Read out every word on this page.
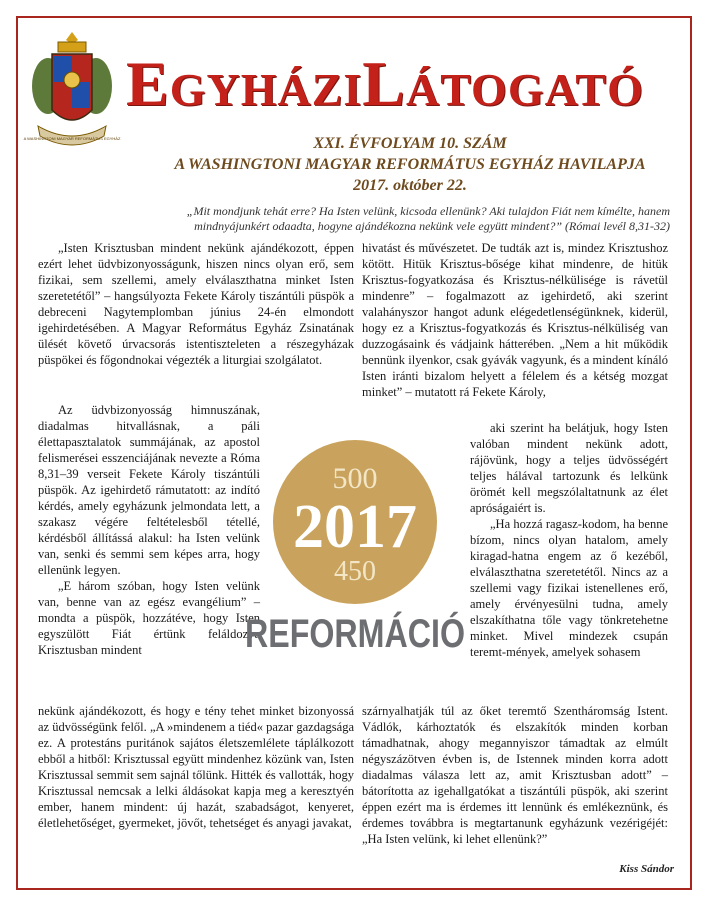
A WASHINGTONI MAGYAR REFORMÁTUS EGYHÁZ
EGYHÁZILÁTOGATÓ
XXI. ÉVFOLYAM 10. SZÁM
A WASHINGTONI MAGYAR REFORMÁTUS EGYHÁZ HAVILAPJA
2017. október 22.
„Mit mondjunk tehát erre? Ha Isten velünk, kicsoda ellenünk? Aki tulajdon Fiát nem kímélte, hanem
mindnyájunkért odaadta, hogyne ajándékozna nekünk vele együtt mindent?” (Római levél 8,31-32)

„Isten Krisztusban mindent nekünk ajándékozott, éppen ezért lehet üdvbizonyosságunk, hiszen nincs olyan erő, sem fizikai, sem szellemi, amely elválaszthatna minket Isten szeretetétől” – hangsúlyozta Fekete Károly tiszántúli püspök a debreceni Nagytemplomban június 24-én elmondott igehirdetésében. A Magyar Református Egyház Zsinatának ülését követő úrvacsorás istentiszteleten a részegyházak püspökei és főgondnokai végezték a liturgiai szolgálatot.

Az üdvbizonyosság himnuszának, diadalmas hitvallásnak, a páli élettapasztalatok summájának, az apostol felismerései esszenciájának nevezte a Róma 8,31–39 verseit Fekete Károly tiszántúli püspök. Az igehirdető rámutatott: az indító kérdés, amely egyházunk jelmondata lett, a szakasz végére feltételesből tétellé, kérdésből állítássá alakul: ha Isten velünk van, senki és semmi sem képes arra, hogy ellenünk legyen.

„E három szóban, hogy Isten velünk van, benne van az egész evangélium” – mondta a püspök, hozzátéve, hogy Isten egyszülött Fiát értünk feláldozva Krisztusban mindent

nekünk ajándékozott, és hogy e tény tehet minket bizonyossá az üdvösségünk felől. „A »mindenem a tiéd« pazar gazdagsága ez. A protestáns puritánok sajátos életszemlélete táplálkozott ebből a hitből: Krisztussal együtt mindenhez közünk van, Isten Krisztussal semmit sem sajnál tőlünk. Hitték és vallották, hogy Krisztussal nemcsak a lelki áldásokat kapja meg a keresztyén ember, hanem mindent: új hazát, szabadságot, kenyeret, életlehetőséget, gyermeket, jövőt, tehetséget és anyagi javakat,

hivatást és művészetet. De tudták azt is, mindez Krisztushoz kötött. Hitük Krisztus-bősége kihat mindenre, de hitük Krisztus-fogyatkozása és Krisztus-nélkülisége is rávetül mindenre” – fogalmazott az igehirdető, aki szerint valahányszor hangot adunk elégedetlenségünknek, kiderül, hogy ez a Krisztus-fogyatkozás és Krisztus-nélküliség van duzzogásaink és vádjaink hátterében. „Nem a hit működik bennünk ilyenkor, csak gyávák vagyunk, és a mindent kínáló Isten iránti bizalom helyett a félelem és a kétség mozgat minket” – mutatott rá Fekete Károly,

aki szerint ha belátjuk, hogy Isten valóban mindent nekünk adott, rájövünk, hogy a teljes üdvösségért teljes hálával tartozunk és lelkünk örömét kell megszólaltatnunk az élet apróságaiért is.

„Ha hozzá ragasz-kodom, ha benne bízom, nincs olyan hatalom, amely kiragad-hatna engem az ő kezéből, elválaszthatna szeretetétől. Nincs az a szellemi vagy fizikai istenellenes erő, amely érvényesülni tudna, amely elszakíthatna tőle vagy tönkretehetne minket. Mivel mindezek csupán teremt-mények, amelyek sohasem

szárnyalhatják túl az őket teremtő Szentháromság Istent. Vádlók, kárhoztatók és elszakítók minden korban támadhatnak, ahogy megannyiszor támadtak az elmúlt négyszázötven évben is, de Istennek minden korra adott diadalmas válasza lett az, amit Krisztusban adott” – bátorította az igehallgatókat a tiszántúli püspök, aki szerint éppen ezért ma is érdemes itt lennünk és emlékeznünk, és érdemes továbbra is megtartanunk egyházunk vezérigéjét: „Ha Isten velünk, ki lehet ellenünk?”

500
2017
450
REFORMÁCIÓ
Kiss Sándor
